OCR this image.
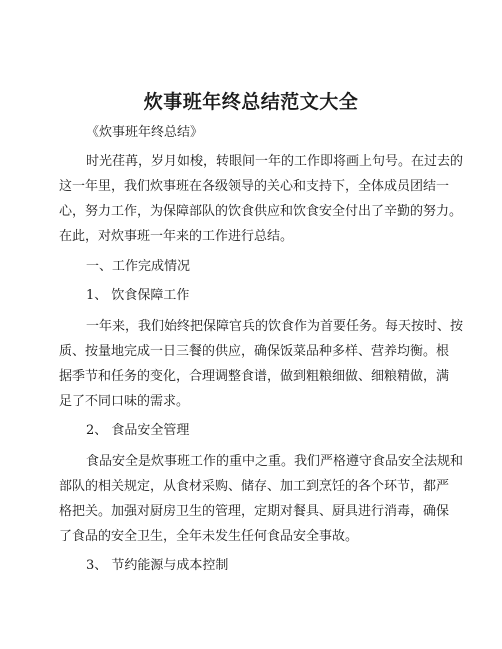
炊事班年终总结范文大全
《炊事班年终总结》
时光荏苒，岁月如梭，转眼间一年的工作即将画上句号。在过去的
这一年里，我们炊事班在各级领导的关心和支持下，全体成员团结一
心，努力工作，为保障部队的饮食供应和饮食安全付出了辛勤的努力。
在此，对炊事班一年来的工作进行总结。
一、工作完成情况
1、 饮食保障工作
一年来，我们始终把保障官兵的饮食作为首要任务。每天按时、按
质、按量地完成一日三餐的供应，确保饭菜品种多样、营养均衡。根
据季节和任务的变化，合理调整食谱，做到粗粮细做、细粮精做，满
足了不同口味的需求。
2、 食品安全管理
食品安全是炊事班工作的重中之重。我们严格遵守食品安全法规和
部队的相关规定，从食材采购、储存、加工到烹饪的各个环节，都严
格把关。加强对厨房卫生的管理，定期对餐具、厨具进行消毒，确保
了食品的安全卫生，全年未发生任何食品安全事故。
3、 节约能源与成本控制
